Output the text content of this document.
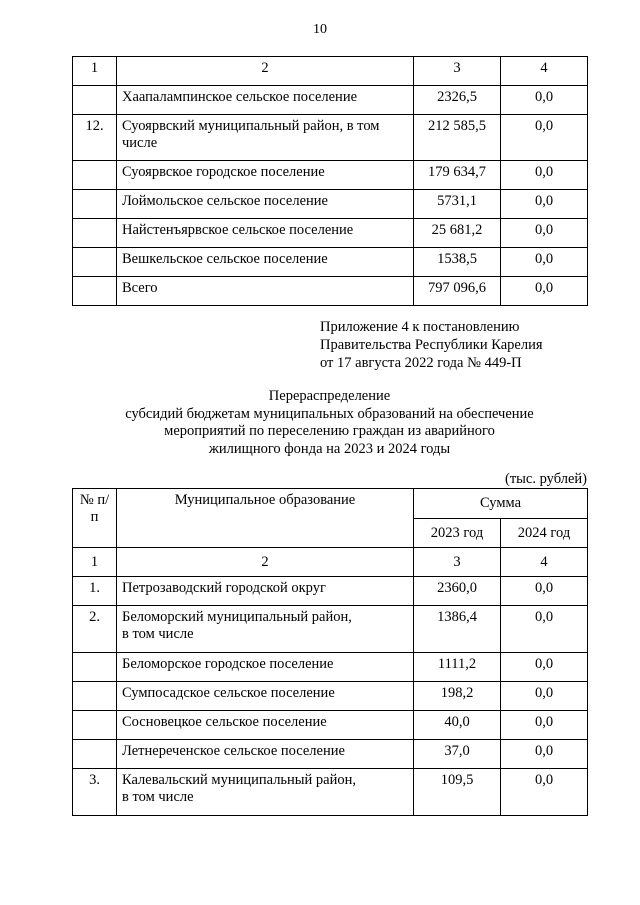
10
1	2	3	4
	Хаапалампинское сельское поселение	2326,5	0,0
12.	Суоярвский муниципальный район, в том числе	212 585,5	0,0
	Суоярвское городское поселение	179 634,7	0,0
	Лоймольское сельское поселение	5731,1	0,0
	Найстенъярвское сельское поселение	25 681,2	0,0
	Вешкельское сельское поселение	1538,5	0,0
	Всего	797 096,6	0,0
Приложение 4 к постановлению
Правительства Республики Карелия
от 17 августа 2022 года № 449-П
Перераспределение
субсидий бюджетам муниципальных образований на обеспечение
мероприятий по переселению граждан из аварийного
жилищного фонда на 2023 и 2024 годы
(тыс. рублей)
№ п/п	Муниципальное образование	Сумма	
		2023 год	2024 год
1	2	3	4
1.	Петрозаводский городской округ	2360,0	0,0
2.	Беломорский муниципальный район,
в том числе	1386,4	0,0
	Беломорское городское поселение	1111,2	0,0
	Сумпосадское сельское поселение	198,2	0,0
	Сосновецкое сельское поселение	40,0	0,0
	Летнереченское сельское поселение	37,0	0,0
3.	Калевальский муниципальный район,
в том числе	109,5	0,0
